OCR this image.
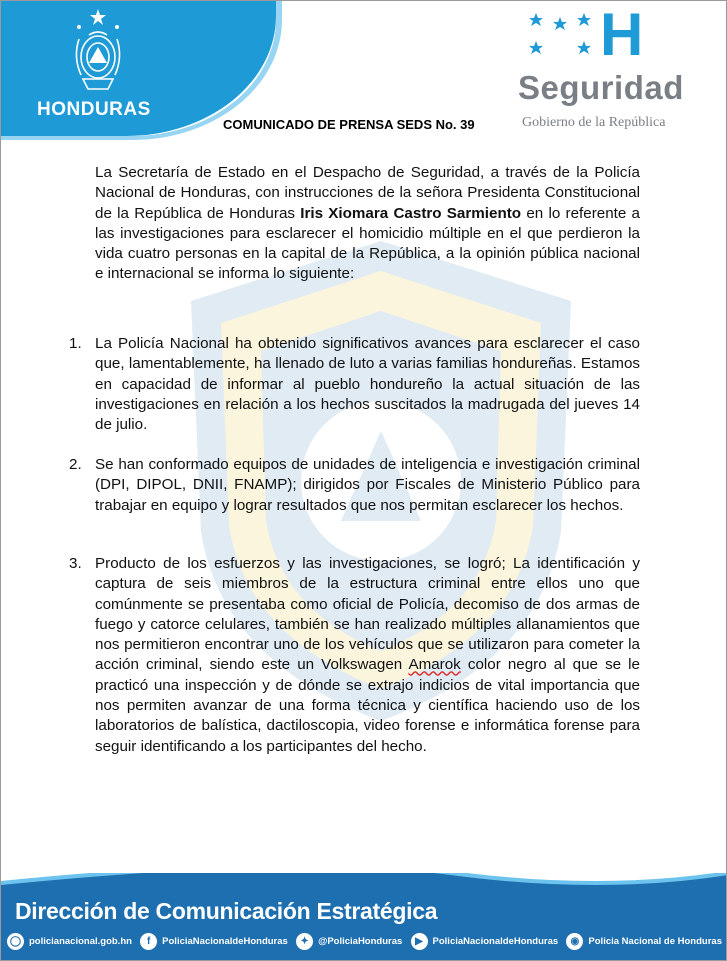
HONDURAS
H
Seguridad
Gobierno de la República
COMUNICADO DE PRENSA SEDS No. 39

La Secretaría de Estado en el Despacho de Seguridad, a través de la Policía Nacional de Honduras, con instrucciones de la señora Presidenta Constitucional de la República de Honduras Iris Xiomara Castro Sarmiento en lo referente a las investigaciones para esclarecer el homicidio múltiple en el que perdieron la vida cuatro personas en la capital de la República, a la opinión pública nacional e internacional se informa lo siguiente:

1. La Policía Nacional ha obtenido significativos avances para esclarecer el caso que, lamentablemente, ha llenado de luto a varias familias hondureñas. Estamos en capacidad de informar al pueblo hondureño la actual situación de las investigaciones en relación a los hechos suscitados la madrugada del jueves 14 de julio.

2. Se han conformado equipos de unidades de inteligencia e investigación criminal (DPI, DIPOL, DNII, FNAMP); dirigidos por Fiscales de Ministerio Público para trabajar en equipo y lograr resultados que nos permitan esclarecer los hechos.

3. Producto de los esfuerzos y las investigaciones, se logró; La identificación y captura de seis miembros de la estructura criminal entre ellos uno que comúnmente se presentaba como oficial de Policía, decomiso de dos armas de fuego y catorce celulares, también se han realizado múltiples allanamientos que nos permitieron encontrar uno de los vehículos que se utilizaron para cometer la acción criminal, siendo este un Volkswagen Amarok color negro al que se le practicó una inspección y de dónde se extrajo indicios de vital importancia que nos permiten avanzar de una forma técnica y científica haciendo uso de los laboratorios de balística, dactiloscopia, video forense e informática forense para seguir identificando a los participantes del hecho.

Dirección de Comunicación Estratégica
◯ policianacional.gob.hn	f	PoliciaNacionaldeHonduras	✦ @PoliciaHonduras	▶	PoliciaNacionaldeHonduras	◉ Policia Nacional de Honduras
